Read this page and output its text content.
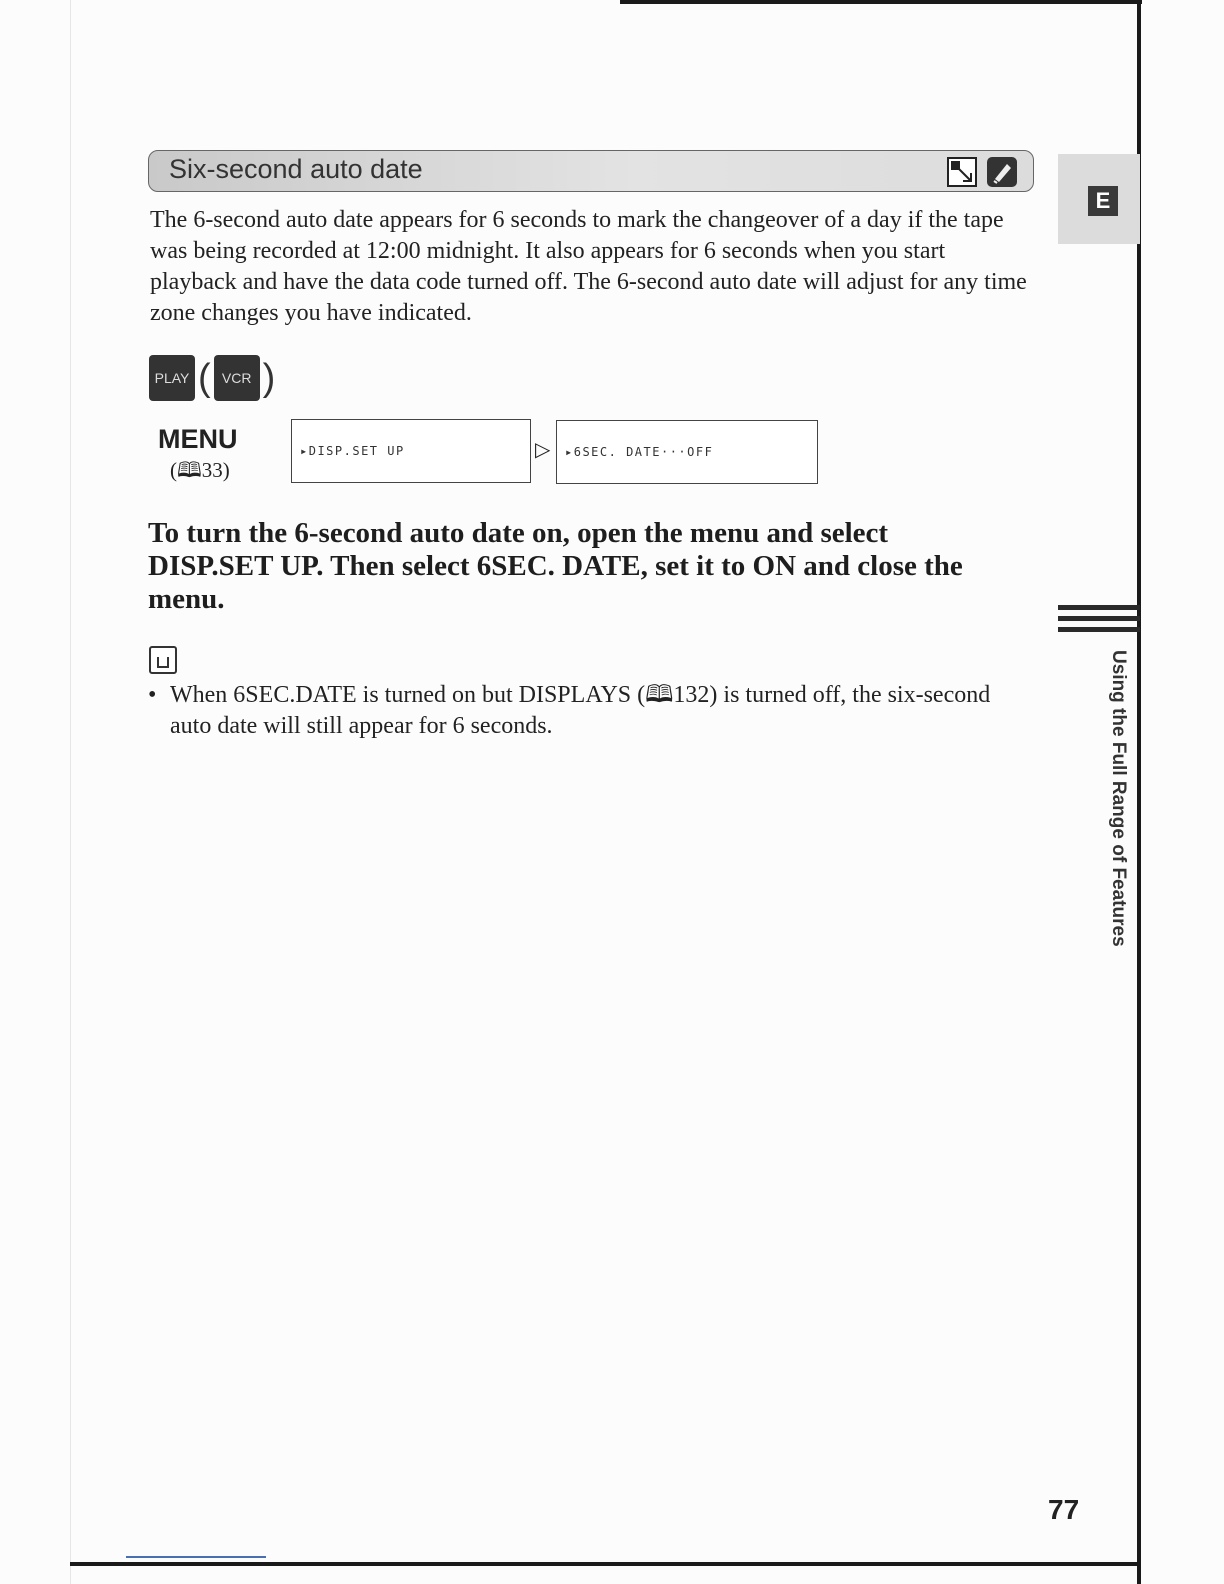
Six-second auto date
E

The 6-second auto date appears for 6 seconds to mark the changeover of a day if the tape was being recorded at 12:00 midnight. It also appears for 6 seconds when you start playback and have the data code turned off. The 6-second auto date will adjust for any time zone changes you have indicated.

PLAY ( VCR )
MENU
(🕮33)
▸DISP.SET UP	▷ ▸6SEC. DATE···OFF

To turn the 6-second auto date on, open the menu and select DISP.SET UP. Then select 6SEC. DATE, set it to ON and close the menu.

• When 6SEC.DATE is turned on but DISPLAYS (🕮132) is turned off, the six-second auto date will still appear for 6 seconds.	Using the Full Range of Features
77
